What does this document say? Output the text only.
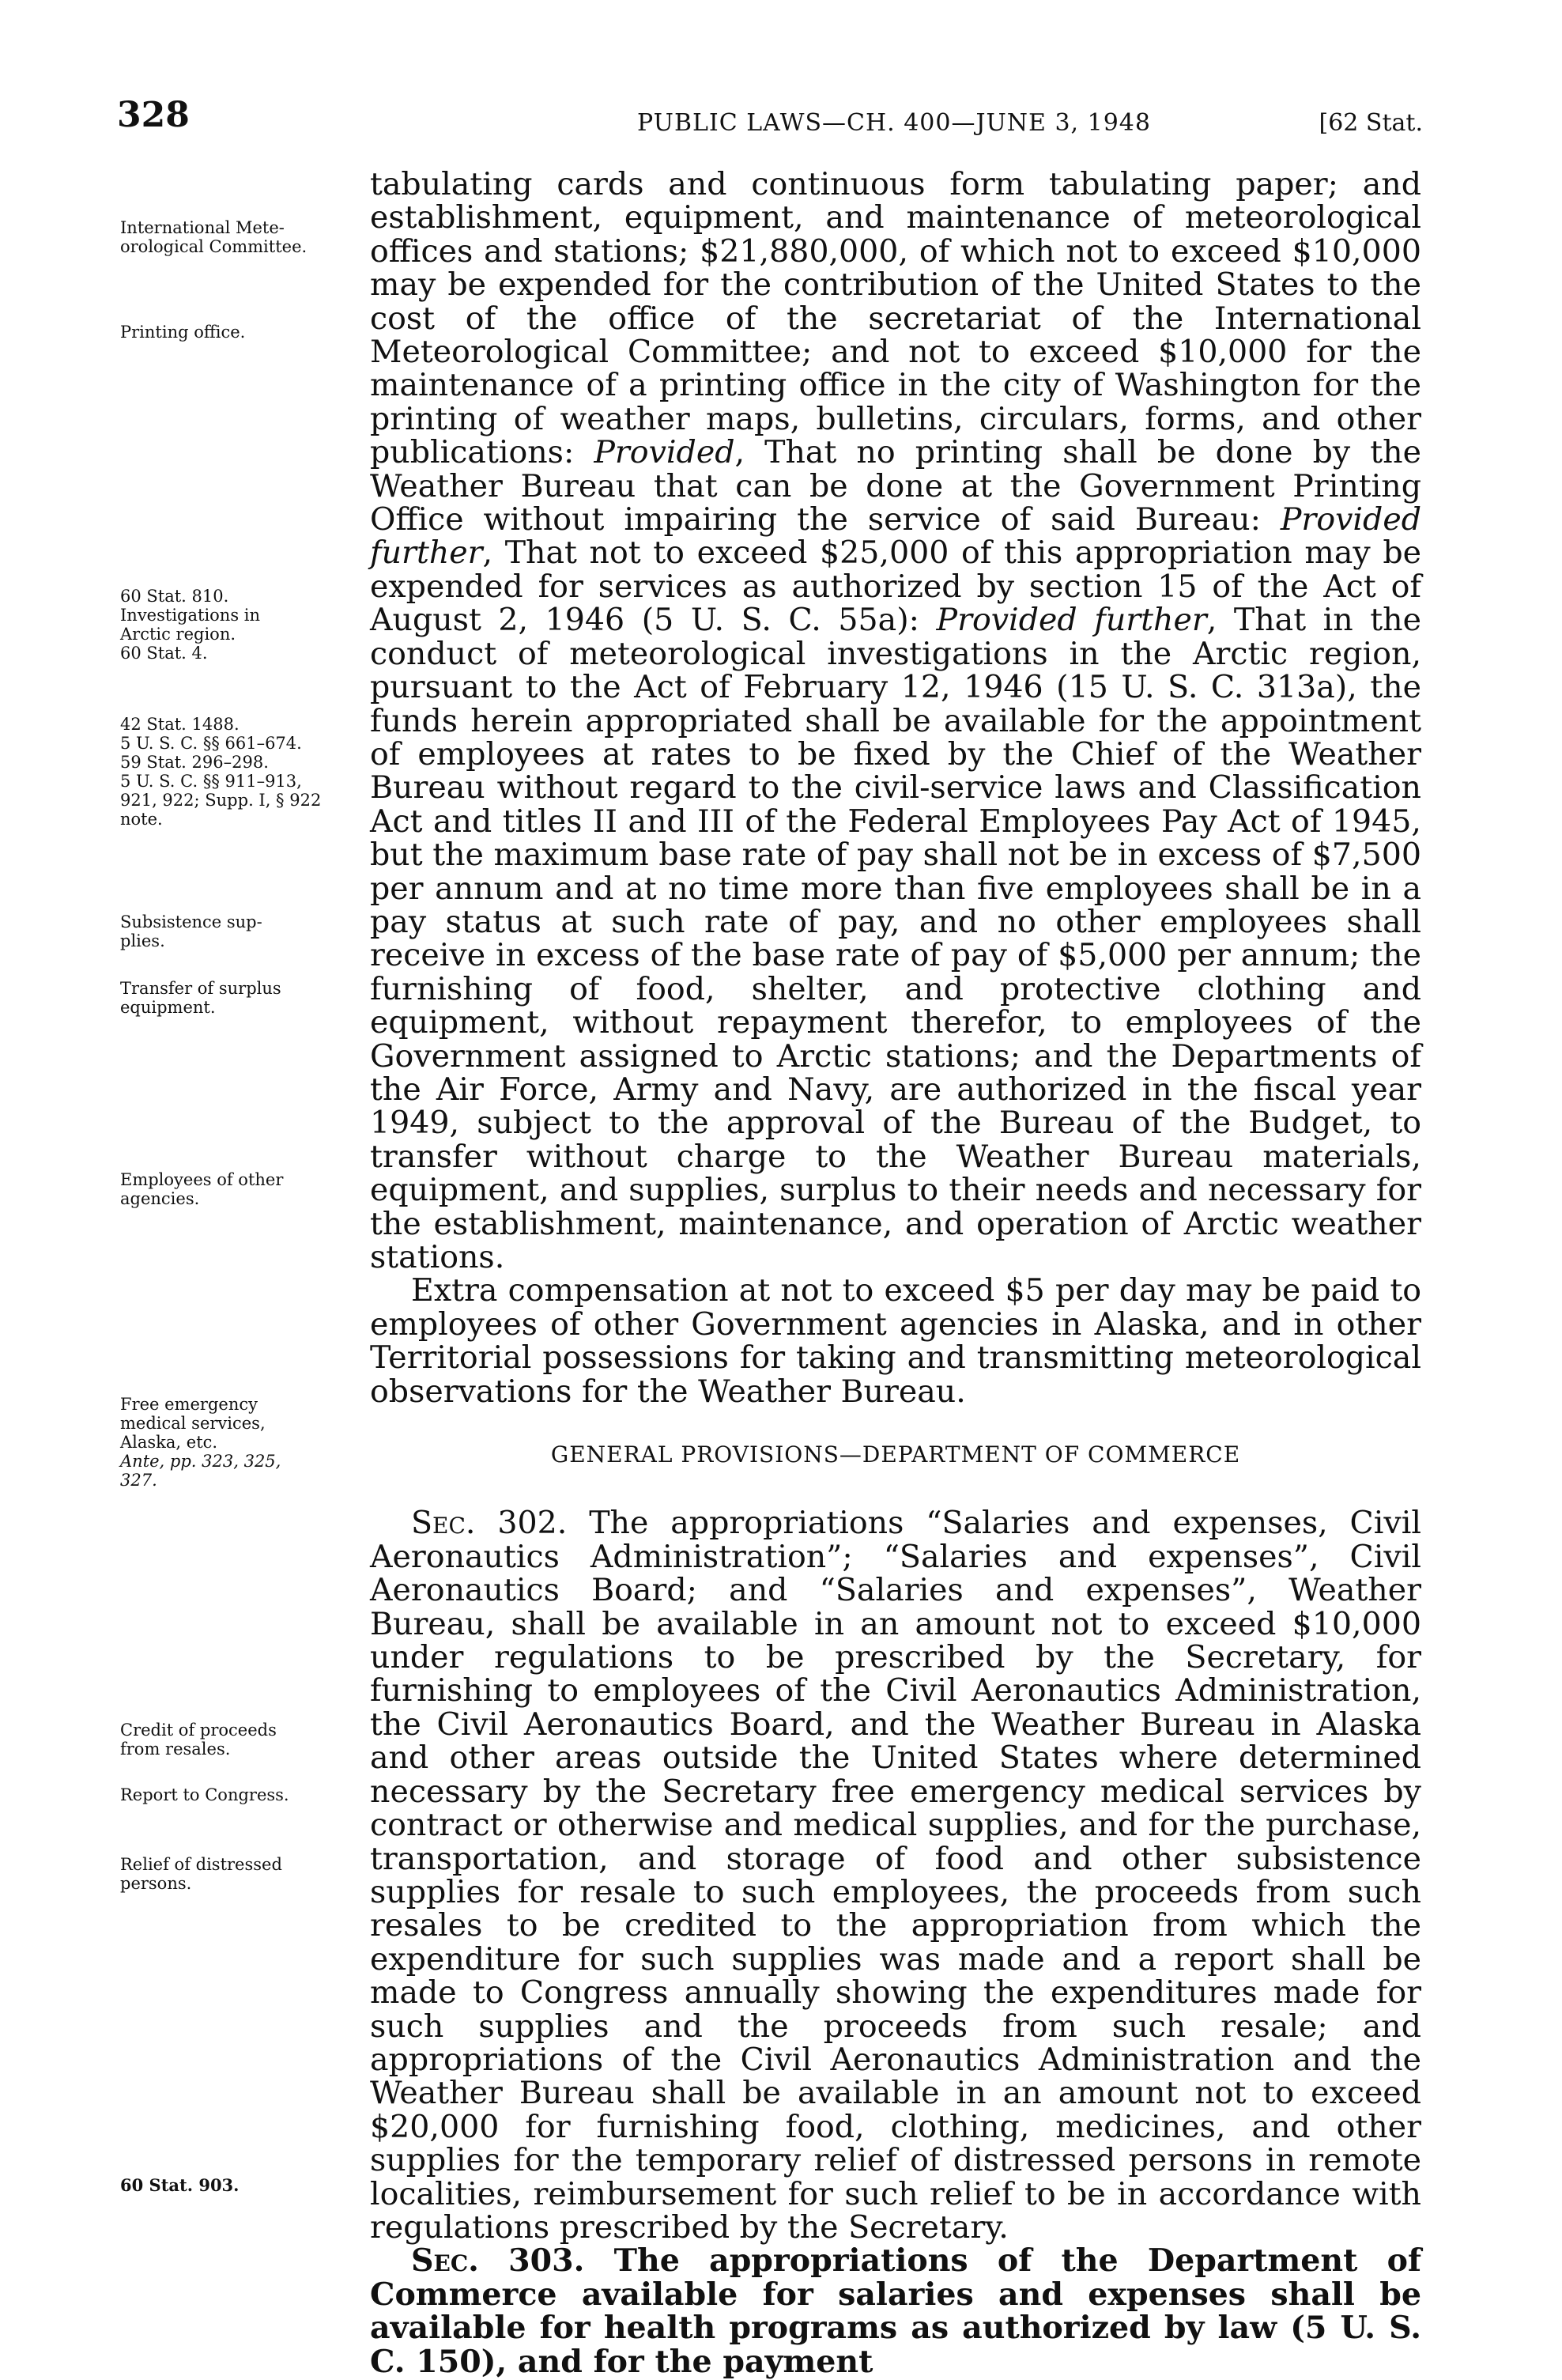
328	PUBLIC LAWS—CH. 400—JUNE 3, 1948	[62 Stat.

tabulating cards and continuous form tabulating paper; and establishment, equipment, and maintenance of meteorological offices and stations; $21,880,000, of which not to exceed $10,000 may be expended for the contribution of the United States to the cost of the office of the secretariat of the International Meteorological Committee; and not to exceed $10,000 for the maintenance of a printing office in the city of Washington for the printing of weather maps, bulletins, circulars, forms, and other publications: Provided, That no printing shall be done by the Weather Bureau that can be done at the Government Printing Office without impairing the service of said Bureau: Provided further, That not to exceed $25,000 of this appropriation may be expended for services as authorized by section 15 of the Act of August 2, 1946 (5 U. S. C. 55a): Provided further, That in the conduct of meteorological investigations in the Arctic region, pursuant to the Act of February 12, 1946 (15 U. S. C. 313a), the funds herein appropriated shall be available for the appointment of employees at rates to be fixed by the Chief of the Weather Bureau without regard to the civil-service laws and Classification Act and titles II and III of the Federal Employees Pay Act of 1945, but the maximum base rate of pay shall not be in excess of $7,500 per annum and at no time more than five employees shall be in a pay status at such rate of pay, and no other employees shall receive in excess of the base rate of pay of $5,000 per annum; the furnishing of food, shelter, and protective clothing and equipment, without repayment therefor, to employees of the Government assigned to Arctic stations; and the Departments of the Air Force, Army and Navy, are authorized in the fiscal year 1949, subject to the approval of the Bureau of the Budget, to transfer without charge to the Weather Bureau materials, equipment, and supplies, surplus to their needs and necessary for the establishment, maintenance, and operation of Arctic weather stations.

Extra compensation at not to exceed $5 per day may be paid to employees of other Government agencies in Alaska, and in other Territorial possessions for taking and transmitting meteorological observations for the Weather Bureau.

GENERAL PROVISIONS—DEPARTMENT OF COMMERCE

Sec. 302. The appropriations “Salaries and expenses, Civil Aeronautics Administration”; “Salaries and expenses”, Civil Aeronautics Board; and “Salaries and expenses”, Weather Bureau, shall be available in an amount not to exceed $10,000 under regulations to be prescribed by the Secretary, for furnishing to employees of the Civil Aeronautics Administration, the Civil Aeronautics Board, and the Weather Bureau in Alaska and other areas outside the United States where determined necessary by the Secretary free emergency medical services by contract or otherwise and medical supplies, and for the purchase, transportation, and storage of food and other subsistence supplies for resale to such employees, the proceeds from such resales to be credited to the appropriation from which the expenditure for such supplies was made and a report shall be made to Congress annually showing the expenditures made for such supplies and the proceeds from such resale; and appropriations of the Civil Aeronautics Administration and the Weather Bureau shall be available in an amount not to exceed $20,000 for furnishing food, clothing, medicines, and other supplies for the temporary relief of distressed persons in remote localities, reimbursement for such relief to be in accordance with regulations prescribed by the Secretary.

Sec. 303. The appropriations of the Department of Commerce available for salaries and expenses shall be available for health programs as authorized by law (5 U. S. C. 150), and for the payment

International Mete-
orological Committee.
Printing office.
60 Stat. 810.
Investigations in
Arctic region.
60 Stat. 4.
42 Stat. 1488.
5 U. S. C. §§ 661–674.
59 Stat. 296–298.
5 U. S. C. §§ 911–913,
921, 922; Supp. I, § 922
note.
Subsistence sup-
plies.
Transfer of surplus
equipment.
Employees of other
agencies.
Free emergency
medical services,
Alaska, etc.
Ante, pp. 323, 325,
327.
Credit of proceeds
from resales.
Report to Congress.
Relief of distressed
persons.
60 Stat. 903.
